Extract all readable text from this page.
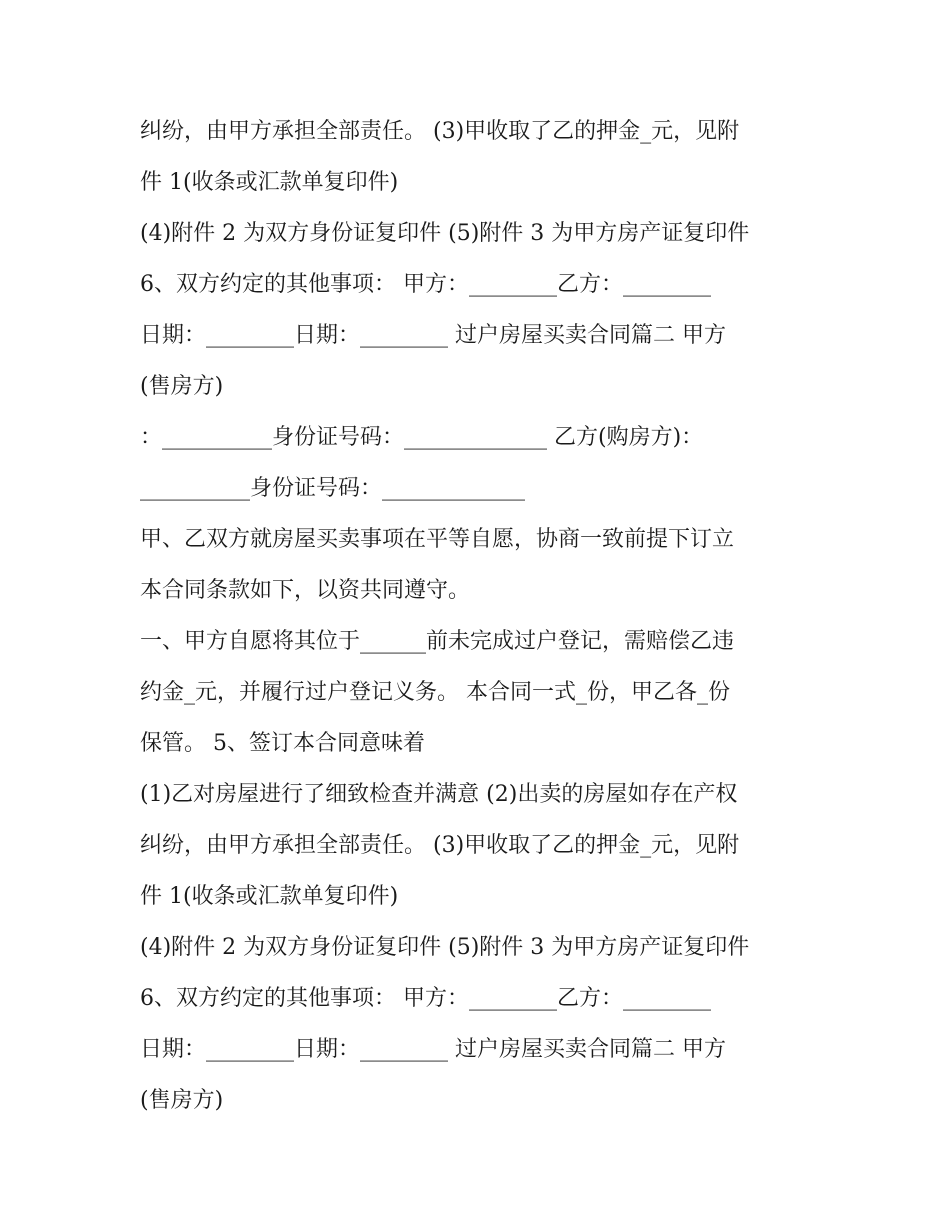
纠纷，由甲方承担全部责任。 (3)甲收取了乙的押金_元，见附
件 1(收条或汇款单复印件)
(4)附件 2 为双方身份证复印件 (5)附件 3 为甲方房产证复印件
6、双方约定的其他事项： 甲方：________乙方：________
日期：________日期：________ 过户房屋买卖合同篇二 甲方
(售房方)
：__________身份证号码：_____________ 乙方(购房方)：
__________身份证号码：_____________
甲、乙双方就房屋买卖事项在平等自愿，协商一致前提下订立
本合同条款如下，以资共同遵守。
一、甲方自愿将其位于______前未完成过户登记，需赔偿乙违
约金_元，并履行过户登记义务。 本合同一式_份，甲乙各_份
保管。 5、签订本合同意味着
(1)乙对房屋进行了细致检查并满意 (2)出卖的房屋如存在产权
纠纷，由甲方承担全部责任。 (3)甲收取了乙的押金_元，见附
件 1(收条或汇款单复印件)
(4)附件 2 为双方身份证复印件 (5)附件 3 为甲方房产证复印件
6、双方约定的其他事项： 甲方：________乙方：________
日期：________日期：________ 过户房屋买卖合同篇二 甲方
(售房方)
